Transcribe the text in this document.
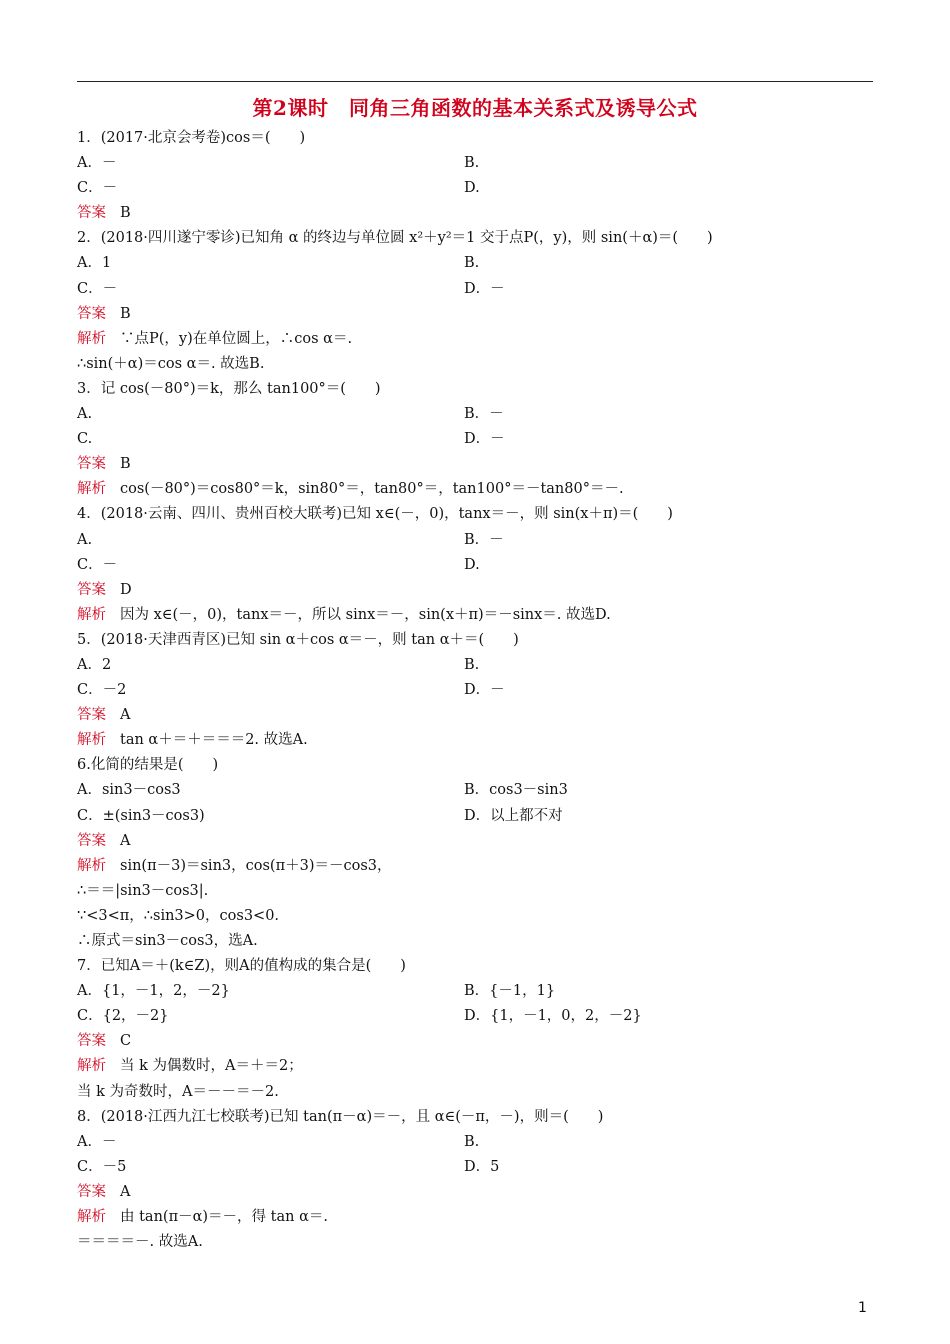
第2课时　同角三角函数的基本关系式及诱导公式
1．(2017·北京会考卷)cos＝(　　)
A．－	B.
C．－	D.
答案 B
2．(2018·四川遂宁零诊)已知角 α 的终边与单位圆 x²＋y²＝1 交于点P(，y)，则 sin(＋α)＝(　　)
A．1	B.
C．－	D．－
答案 B
解析 ∵点P(，y)在单位圆上，∴cos α＝.
∴sin(＋α)＝cos α＝. 故选B.
3．记 cos(－80°)＝k，那么 tan100°＝(　　)
A.	B．－
C.	D．－
答案 B
解析 cos(－80°)＝cos80°＝k，sin80°＝，tan80°＝，tan100°＝－tan80°＝－.
4．(2018·云南、四川、贵州百校大联考)已知 x∈(－，0)，tanx＝－，则 sin(x＋π)＝(　　)
A.	B．－
C．－	D.
答案 D
解析 因为 x∈(－，0)，tanx＝－，所以 sinx＝－，sin(x＋π)＝－sinx＝. 故选D.
5．(2018·天津西青区)已知 sin α＋cos α＝－，则 tan α＋＝(　　)
A．2	B.
C．－2	D．－
答案 A
解析 tan α＋＝＋＝＝＝2. 故选A.
6.化简的结果是(　　)
A．sin3－cos3	B．cos3－sin3
C．±(sin3－cos3)	D．以上都不对
答案 A
解析 sin(π－3)＝sin3，cos(π＋3)＝－cos3，
∴＝＝|sin3－cos3|.
∵<3<π，∴sin3>0，cos3<0.
∴原式＝sin3－cos3，选A.
7．已知A＝＋(k∈Z)，则A的值构成的集合是(　　)
A．{1，－1，2，－2}	B．{－1，1}
C．{2，－2}	D．{1，－1，0，2，－2}
答案 C
解析 当 k 为偶数时，A＝＋＝2；
当 k 为奇数时，A＝－－＝－2.
8．(2018·江西九江七校联考)已知 tan(π－α)＝－，且 α∈(－π，－)，则＝(　　)
A．－	B.
C．－5	D．5
答案 A
解析 由 tan(π－α)＝－，得 tan α＝.
＝＝＝＝－. 故选A.
1
